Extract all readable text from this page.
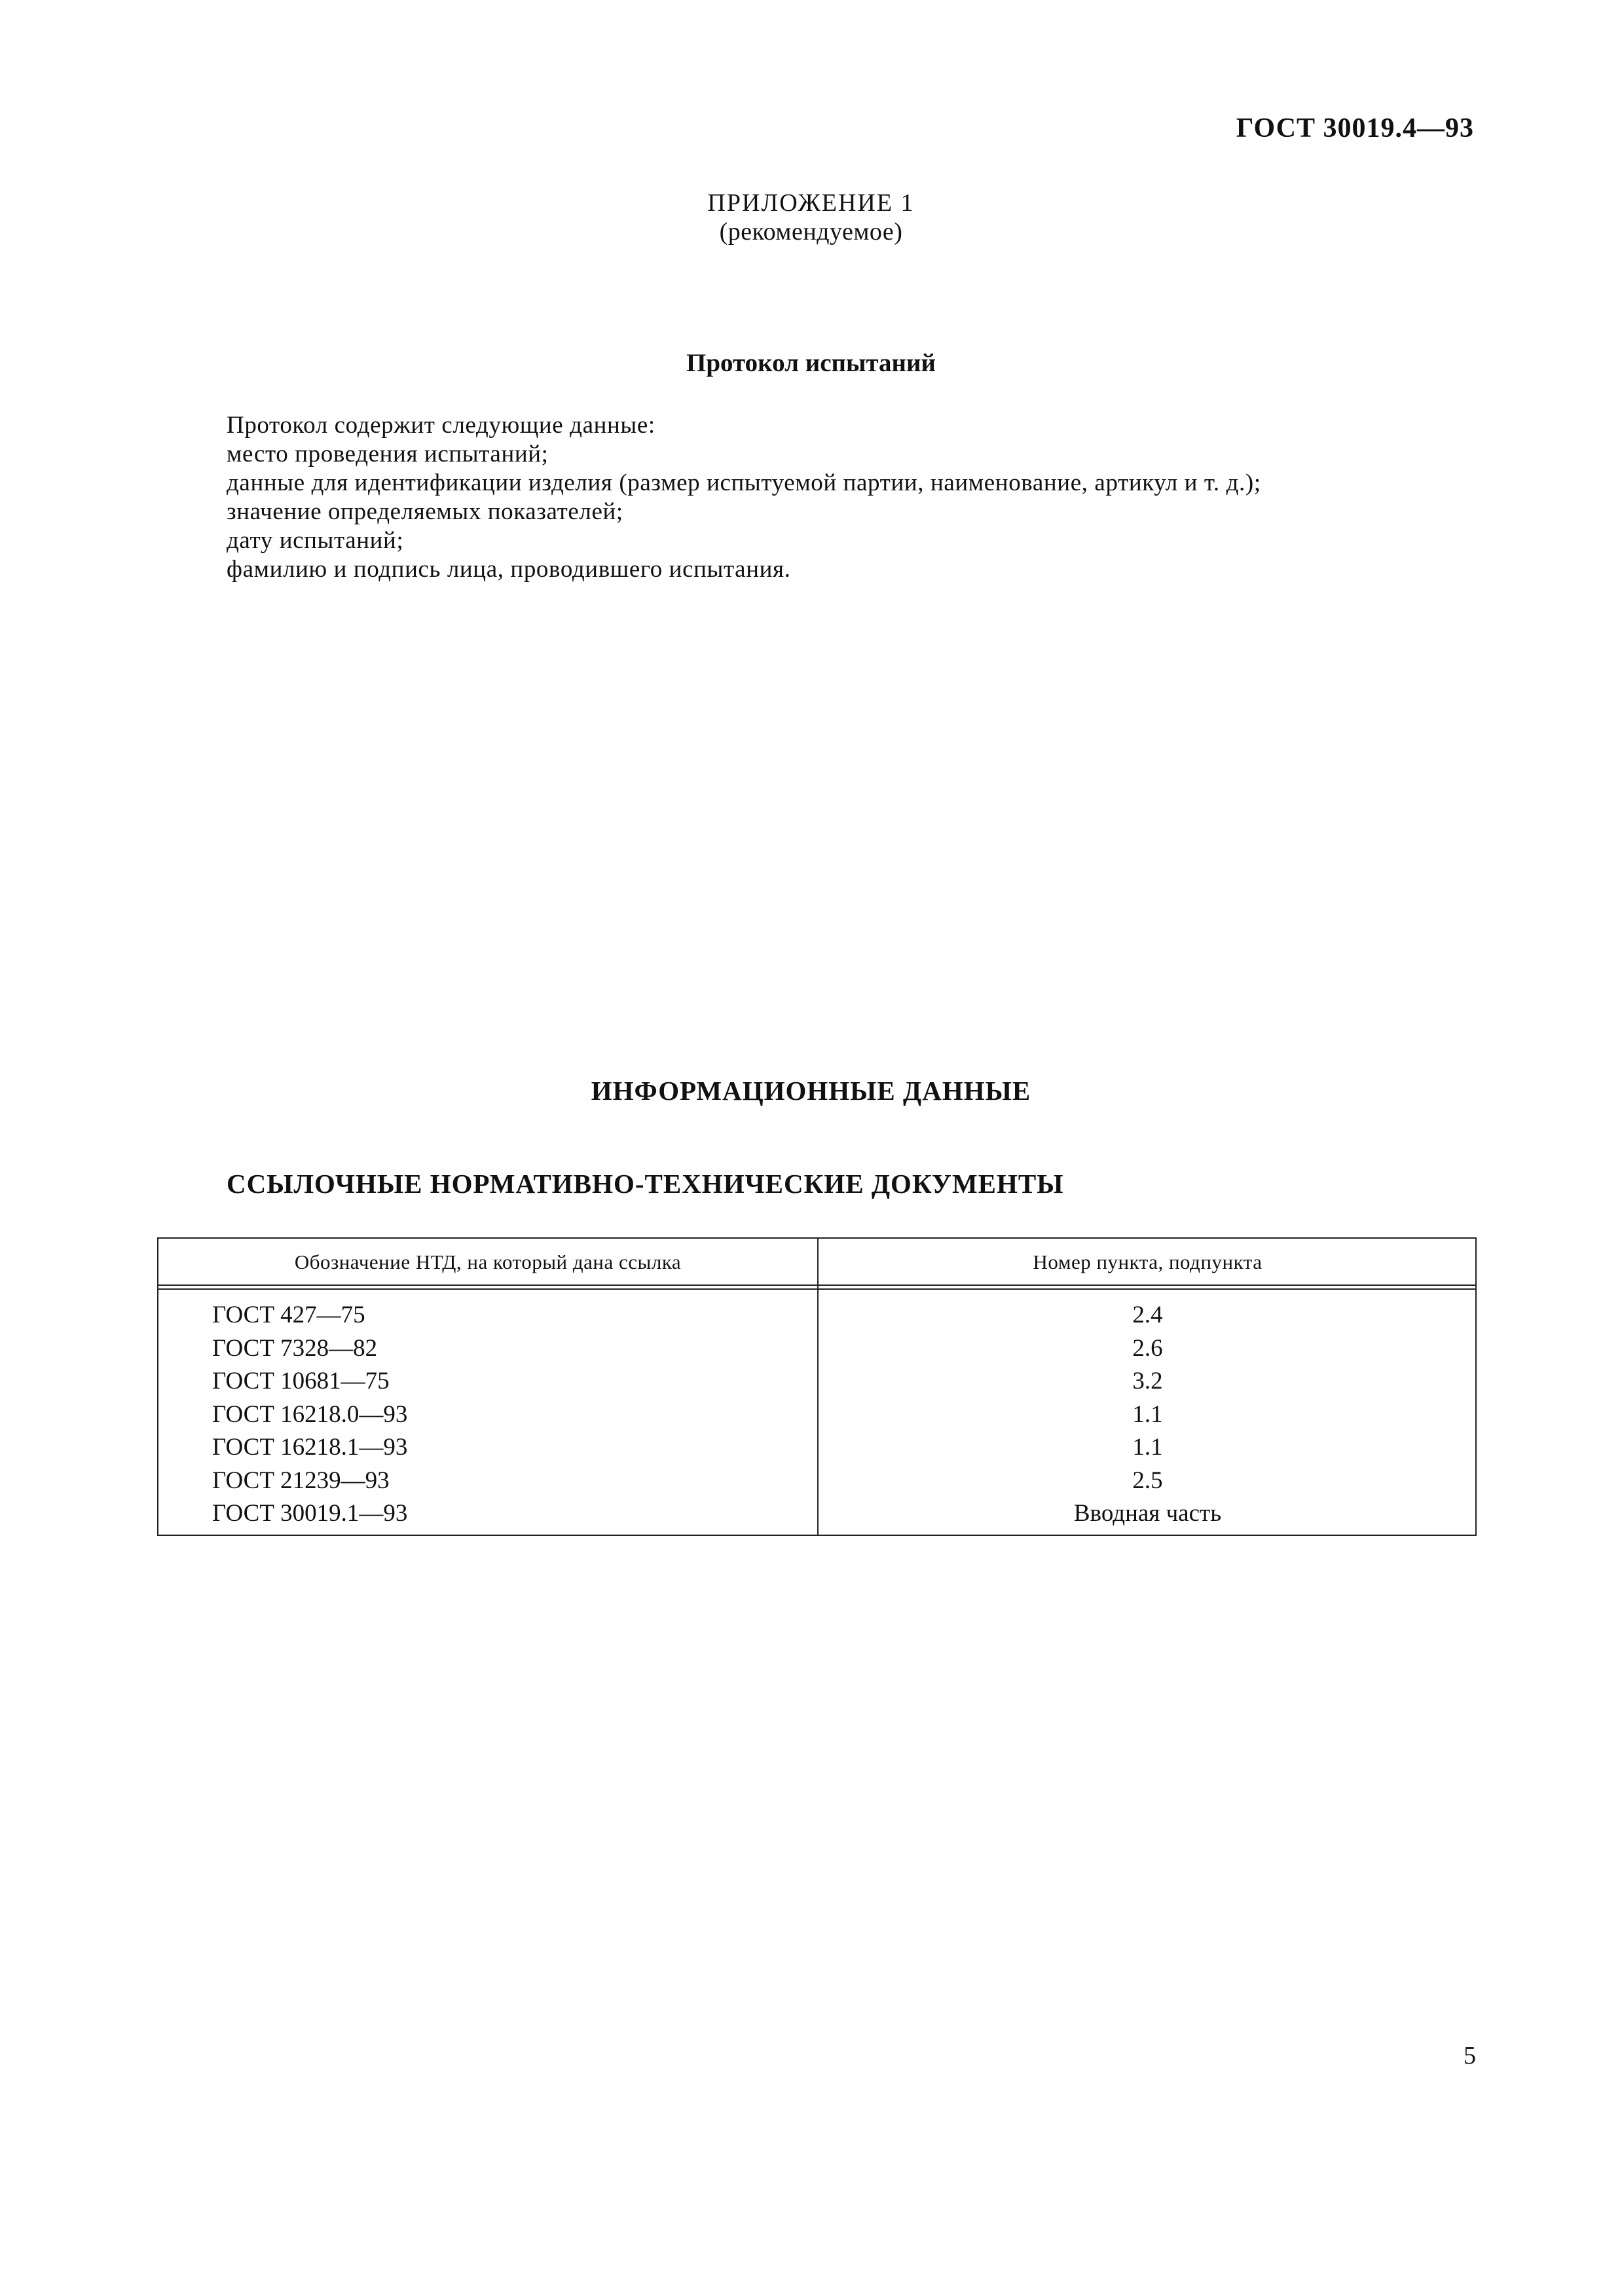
ГОСТ 30019.4—93
ПРИЛОЖЕНИЕ 1
(рекомендуемое)
Протокол испытаний
Протокол содержит следующие данные:
место проведения испытаний;
данные для идентификации изделия (размер испытуемой партии, наименование, артикул и т. д.);
значение определяемых показателей;
дату испытаний;
фамилию и подпись лица, проводившего испытания.
ИНФОРМАЦИОННЫЕ ДАННЫЕ
ССЫЛОЧНЫЕ НОРМАТИВНО-ТЕХНИЧЕСКИЕ ДОКУМЕНТЫ
Обозначение НТД, на который дана ссылка	Номер пункта, подпункта
ГОСТ 427—75
ГОСТ 7328—82
ГОСТ 10681—75
ГОСТ 16218.0—93
ГОСТ 16218.1—93
ГОСТ 21239—93
ГОСТ 30019.1—93
2.4
2.6
3.2
1.1
1.1
2.5
Вводная часть
5
